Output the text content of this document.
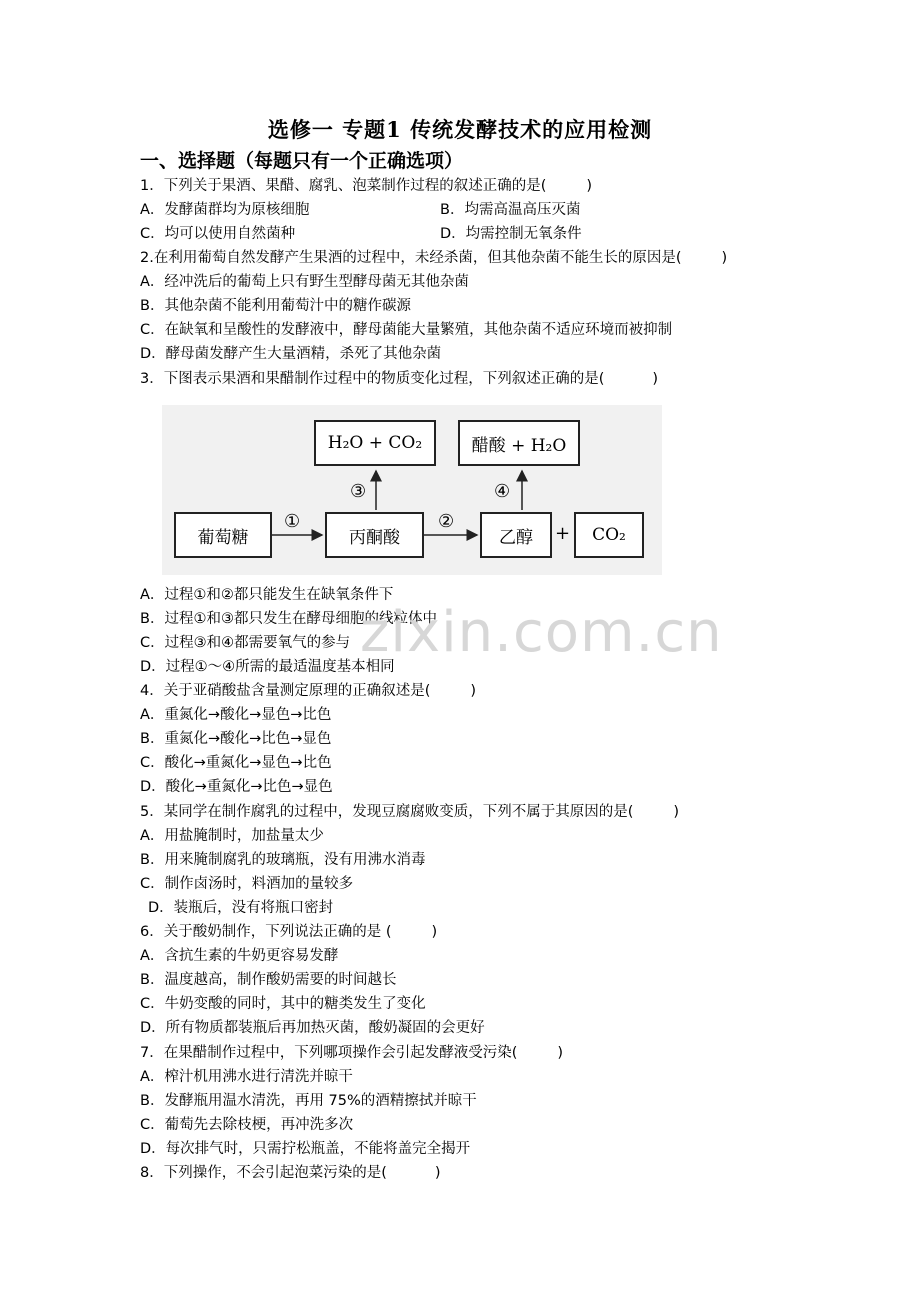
选修一 专题1 传统发酵技术的应用检测
一、选择题（每题只有一个正确选项）
1．下列关于果酒、果醋、腐乳、泡菜制作过程的叙述正确的是(	)
A．发酵菌群均为原核细胞	B．均需高温高压灭菌
C．均可以使用自然菌种	D．均需控制无氧条件
2.在利用葡萄自然发酵产生果酒的过程中，未经杀菌，但其他杂菌不能生长的原因是(	)
A．经冲洗后的葡萄上只有野生型酵母菌无其他杂菌
B．其他杂菌不能利用葡萄汁中的糖作碳源
C．在缺氧和呈酸性的发酵液中，酵母菌能大量繁殖，其他杂菌不适应环境而被抑制
D．酵母菌发酵产生大量酒精，杀死了其他杂菌
3．下图表示果酒和果醋制作过程中的物质变化过程，下列叙述正确的是(	)
葡萄糖	丙酮酸	乙醇	CO₂
H₂O + CO₂	醋酸 + H₂O
+
①	②
③	④
A．过程①和②都只能发生在缺氧条件下
B．过程①和③都只发生在酵母细胞的线粒体中
C．过程③和④都需要氧气的参与
D．过程①～④所需的最适温度基本相同
zixin.com.cn
4．关于亚硝酸盐含量测定原理的正确叙述是(	)
A．重氮化→酸化→显色→比色
B．重氮化→酸化→比色→显色
C．酸化→重氮化→显色→比色
D．酸化→重氮化→比色→显色
5．某同学在制作腐乳的过程中，发现豆腐腐败变质，下列不属于其原因的是(	)
A．用盐腌制时，加盐量太少
B．用来腌制腐乳的玻璃瓶，没有用沸水消毒
C．制作卤汤时，料酒加的量较多
D．装瓶后，没有将瓶口密封
6．关于酸奶制作，下列说法正确的是 (	)
A．含抗生素的牛奶更容易发酵
B．温度越高，制作酸奶需要的时间越长
C．牛奶变酸的同时，其中的糖类发生了变化
D．所有物质都装瓶后再加热灭菌，酸奶凝固的会更好
7．在果醋制作过程中，下列哪项操作会引起发酵液受污染(	)
A．榨汁机用沸水进行清洗并晾干
B．发酵瓶用温水清洗，再用 75%的酒精擦拭并晾干
C．葡萄先去除枝梗，再冲洗多次
D．每次排气时，只需拧松瓶盖，不能将盖完全揭开
8．下列操作，不会引起泡菜污染的是(	)
